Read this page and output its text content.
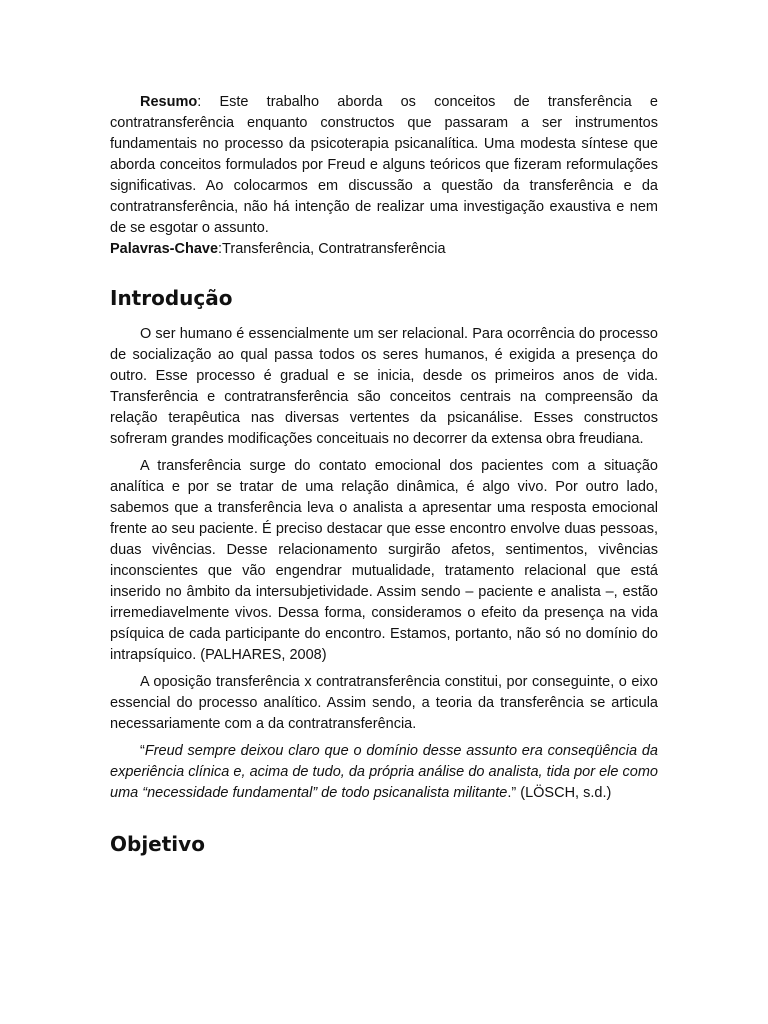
Resumo: Este trabalho aborda os conceitos de transferência e contratransferência enquanto constructos que passaram a ser instrumentos fundamentais no processo da psicoterapia psicanalítica. Uma modesta síntese que aborda conceitos formulados por Freud e alguns teóricos que fizeram reformulações significativas. Ao colocarmos em discussão a questão da transferência e da contratransferência, não há intenção de realizar uma investigação exaustiva e nem de se esgotar o assunto.

Palavras-Chave:Transferência, Contratransferência

Introdução

O ser humano é essencialmente um ser relacional. Para ocorrência do processo de socialização ao qual passa todos os seres humanos, é exigida a presença do outro. Esse processo é gradual e se inicia, desde os primeiros anos de vida. Transferência e contratransferência são conceitos centrais na compreensão da relação terapêutica nas diversas vertentes da psicanálise. Esses constructos sofreram grandes modificações conceituais no decorrer da extensa obra freudiana.

A transferência surge do contato emocional dos pacientes com a situação analítica e por se tratar de uma relação dinâmica, é algo vivo. Por outro lado, sabemos que a transferência leva o analista a apresentar uma resposta emocional frente ao seu paciente. É preciso destacar que esse encontro envolve duas pessoas, duas vivências. Desse relacionamento surgirão afetos, sentimentos, vivências inconscientes que vão engendrar mutualidade, tratamento relacional que está inserido no âmbito da intersubjetividade. Assim sendo – paciente e analista –, estão irremediavelmente vivos. Dessa forma, consideramos o efeito da presença na vida psíquica de cada participante do encontro. Estamos, portanto, não só no domínio do intrapsíquico. (PALHARES, 2008)

A oposição transferência x contratransferência constitui, por conseguinte, o eixo essencial do processo analítico. Assim sendo, a teoria da transferência se articula necessariamente com a da contratransferência.

“Freud sempre deixou claro que o domínio desse assunto era conseqüência da experiência clínica e, acima de tudo, da própria análise do analista, tida por ele como uma “necessidade fundamental” de todo psicanalista militante.” (LÖSCH, s.d.)

Objetivo
